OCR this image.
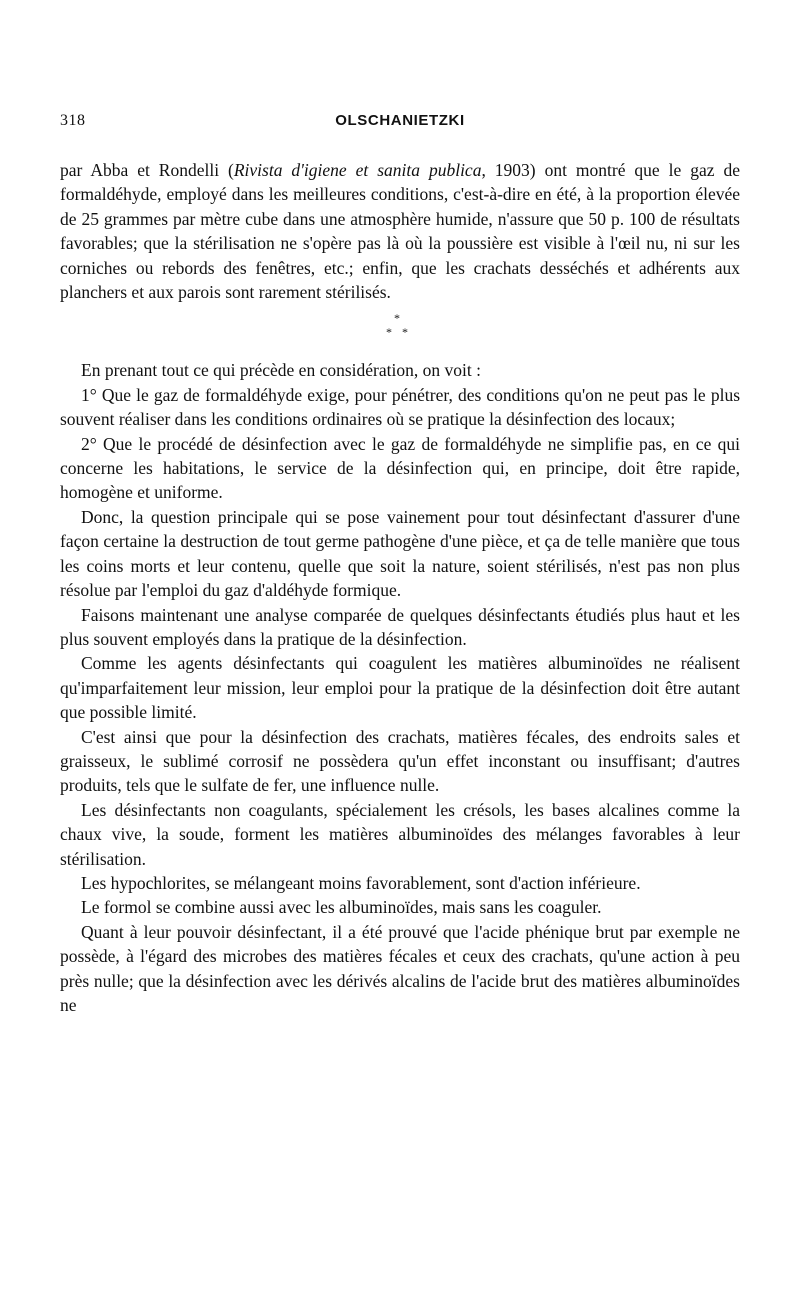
318	OLSCHANIETZKI

par Abba et Rondelli (Rivista d'igiene et sanita publica, 1903) ont montré que le gaz de formaldéhyde, employé dans les meilleures conditions, c'est-à-dire en été, à la proportion élevée de 25 grammes par mètre cube dans une atmosphère humide, n'assure que 50 p. 100 de résultats favorables; que la stérilisation ne s'opère pas là où la poussière est visible à l'œil nu, ni sur les corniches ou rebords des fenêtres, etc.; enfin, que les crachats desséchés et adhérents aux planchers et aux parois sont rarement stérilisés.

*
* *

En prenant tout ce qui précède en considération, on voit :

1° Que le gaz de formaldéhyde exige, pour pénétrer, des conditions qu'on ne peut pas le plus souvent réaliser dans les conditions ordinaires où se pratique la désinfection des locaux;

2° Que le procédé de désinfection avec le gaz de formaldéhyde ne simplifie pas, en ce qui concerne les habitations, le service de la désinfection qui, en principe, doit être rapide, homogène et uniforme.

Donc, la question principale qui se pose vainement pour tout désinfectant d'assurer d'une façon certaine la destruction de tout germe pathogène d'une pièce, et ça de telle manière que tous les coins morts et leur contenu, quelle que soit la nature, soient stérilisés, n'est pas non plus résolue par l'emploi du gaz d'aldéhyde formique.

Faisons maintenant une analyse comparée de quelques désinfectants étudiés plus haut et les plus souvent employés dans la pratique de la désinfection.

Comme les agents désinfectants qui coagulent les matières albuminoïdes ne réalisent qu'imparfaitement leur mission, leur emploi pour la pratique de la désinfection doit être autant que possible limité.

C'est ainsi que pour la désinfection des crachats, matières fécales, des endroits sales et graisseux, le sublimé corrosif ne possèdera qu'un effet inconstant ou insuffisant; d'autres produits, tels que le sulfate de fer, une influence nulle.

Les désinfectants non coagulants, spécialement les crésols, les bases alcalines comme la chaux vive, la soude, forment les matières albuminoïdes des mélanges favorables à leur stérilisation.

Les hypochlorites, se mélangeant moins favorablement, sont d'action inférieure.

Le formol se combine aussi avec les albuminoïdes, mais sans les coaguler.

Quant à leur pouvoir désinfectant, il a été prouvé que l'acide phénique brut par exemple ne possède, à l'égard des microbes des matières fécales et ceux des crachats, qu'une action à peu près nulle; que la désinfection avec les dérivés alcalins de l'acide brut des matières albuminoïdes ne
